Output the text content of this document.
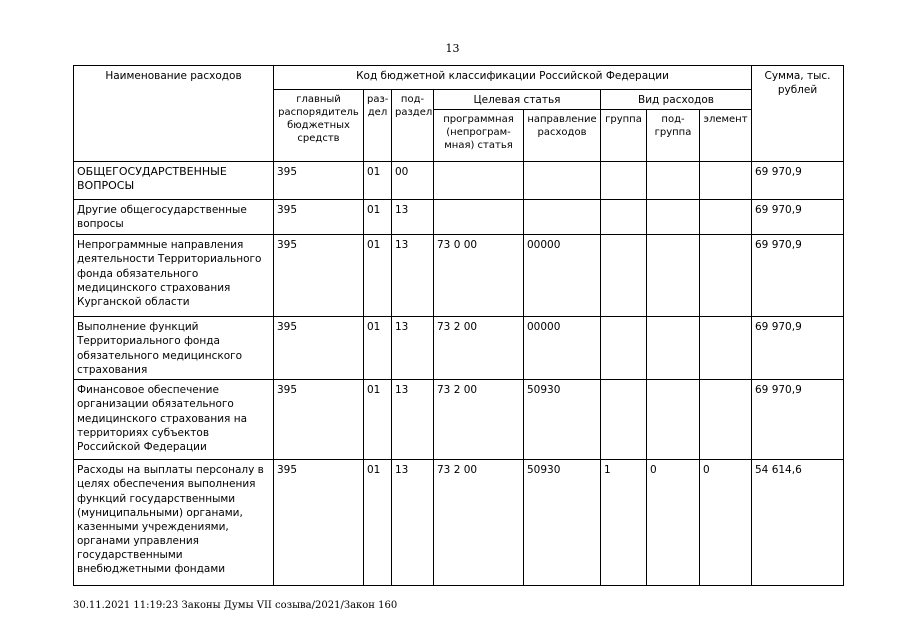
13
Наименование расходов	Код бюджетной классификации Российской Федерации								Сумма, тыс. рублей
	главный распорядитель бюджетных средств	раз-дел	под-раздел	Целевая статья		Вид расходов			
				программная (непрограм-мная) статья	направление расходов	группа	под-группа	элемент	
ОБЩЕГОСУДАРСТВЕННЫЕ ВОПРОСЫ	395	01	00						69 970,9
Другие общегосударственные вопросы	395	01	13						69 970,9
Непрограммные направления деятельности Территориального фонда обязательного медицинского страхования Курганской области	395	01	13	73 0 00	00000				69 970,9
Выполнение функций Территориального фонда обязательного медицинского страхования	395	01	13	73 2 00	00000				69 970,9
Финансовое обеспечение организации обязательного медицинского страхования на территориях субъектов Российской Федерации	395	01	13	73 2 00	50930				69 970,9
Расходы на выплаты персоналу в целях обеспечения выполнения функций государственными (муниципальными) органами, казенными учреждениями, органами управления государственными внебюджетными фондами	395	01	13	73 2 00	50930	1	0	0	54 614,6
30.11.2021 11:19:23 Законы Думы VII созыва/2021/Закон 160
